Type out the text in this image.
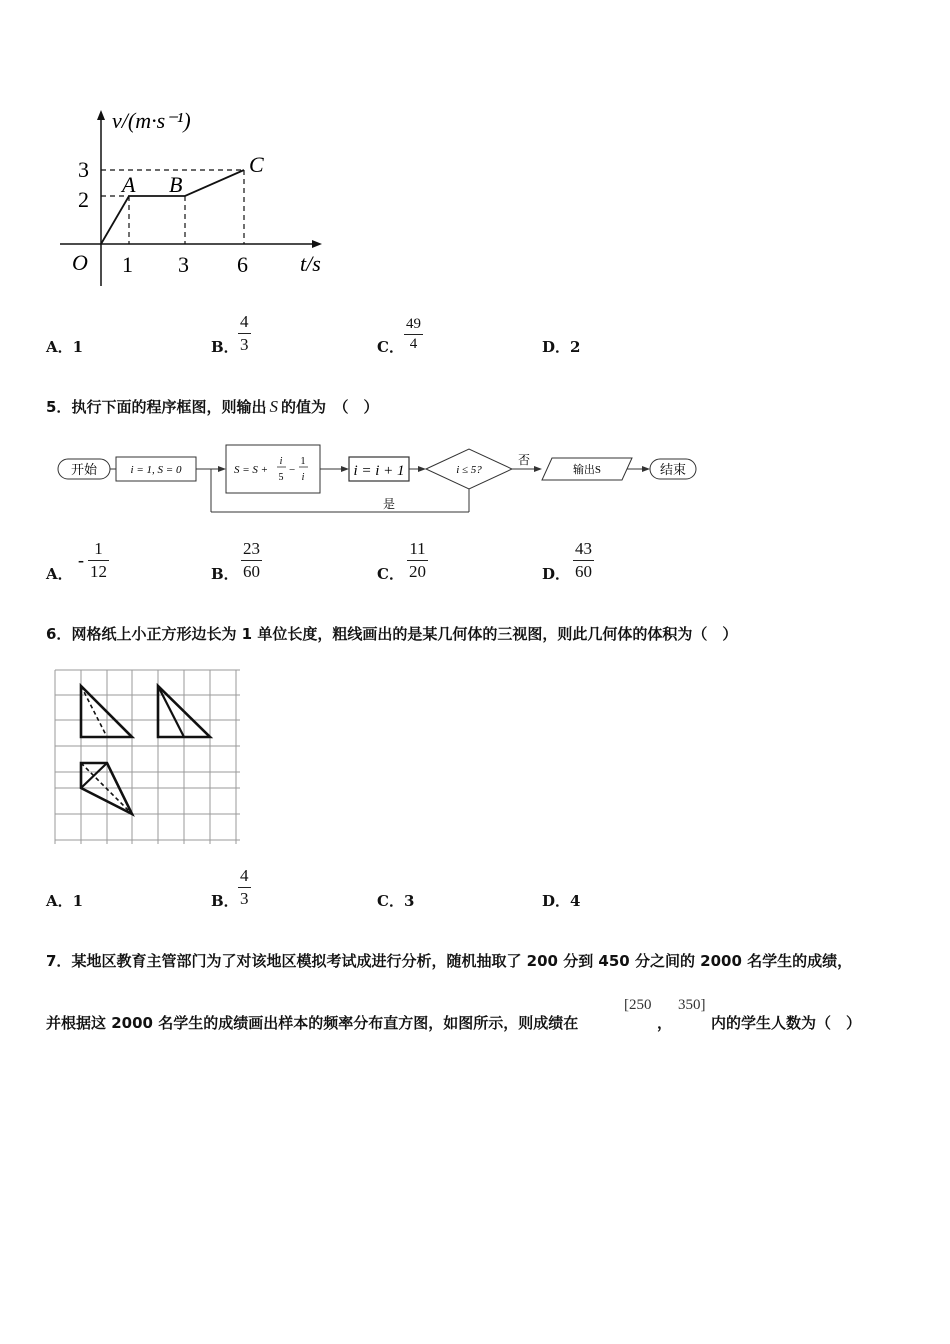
v/(m·s⁻¹)
3
2
O 1 3 6 t/s
A B
C
A．1	B．
4
3	C．
49
4	D．2
5．执行下面的程序框图，则输出 S 的值为　（　）
开始	i = 1, S = 0	S = S +
i
5
−
1
i	i = i + 1	i ≤ 5?
否
输出S	结束
是
A．
-
1
12	B．
23
60	C．
11
20	D．
43
60
6．网格纸上小正方形边长为 1 单位长度，粗线画出的是某几何体的三视图，则此几何体的体积为（　）
A．1	B．
4
3	C．3	D．4
7．某地区教育主管部门为了对该地区模拟考试成进行分析，随机抽取了 200 分到 450 分之间的 2000 名学生的成绩，
并根据这 2000 名学生的成绩画出样本的频率分布直方图，如图所示，则成绩在
[250
，
350]
内的学生人数为（　）
